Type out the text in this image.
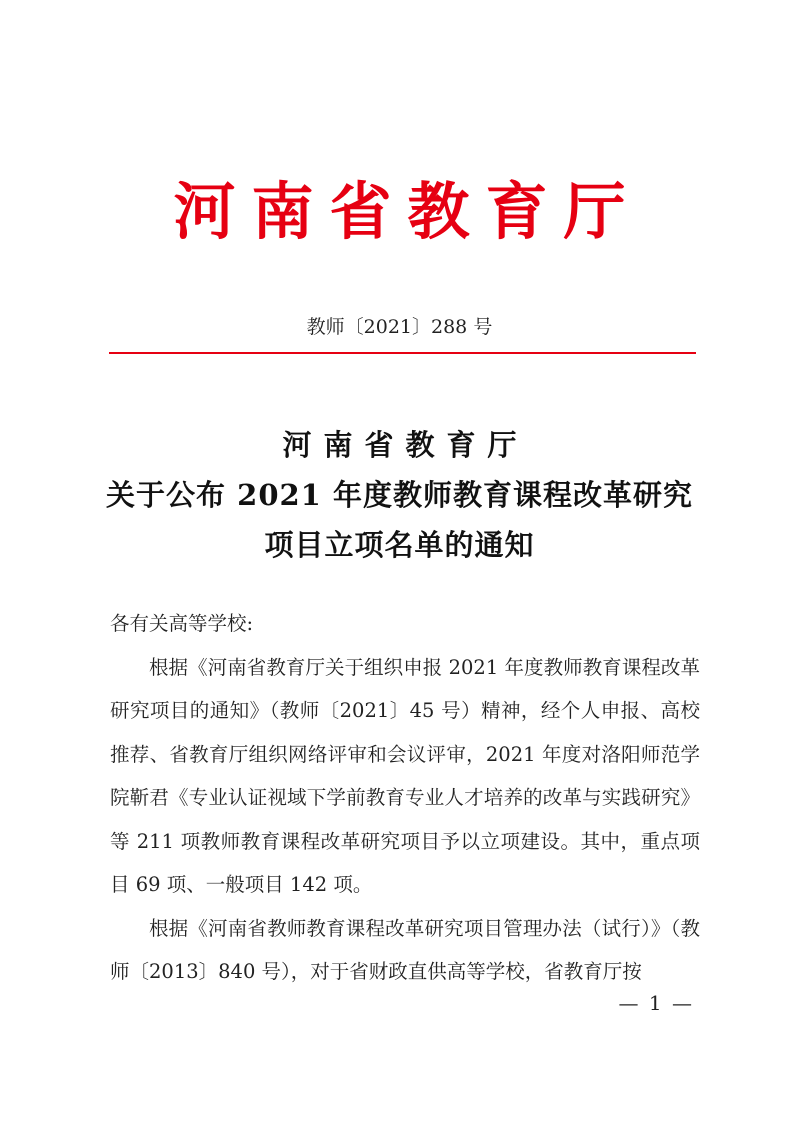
河南省教育厅
教师〔2021〕288 号
河南省教育厅
关于公布 2021 年度教师教育课程改革研究
项目立项名单的通知

各有关高等学校:

根据《河南省教育厅关于组织申报 2021 年度教师教育课程改革研究项目的通知》（教师〔2021〕45 号）精神，经个人申报、高校推荐、省教育厅组织网络评审和会议评审，2021 年度对洛阳师范学院靳君《专业认证视域下学前教育专业人才培养的改革与实践研究》等 211 项教师教育课程改革研究项目予以立项建设。其中，重点项目 69 项、一般项目 142 项。

根据《河南省教师教育课程改革研究项目管理办法（试行）》（教师〔2013〕840 号），对于省财政直供高等学校，省教育厅按

— 1 —
